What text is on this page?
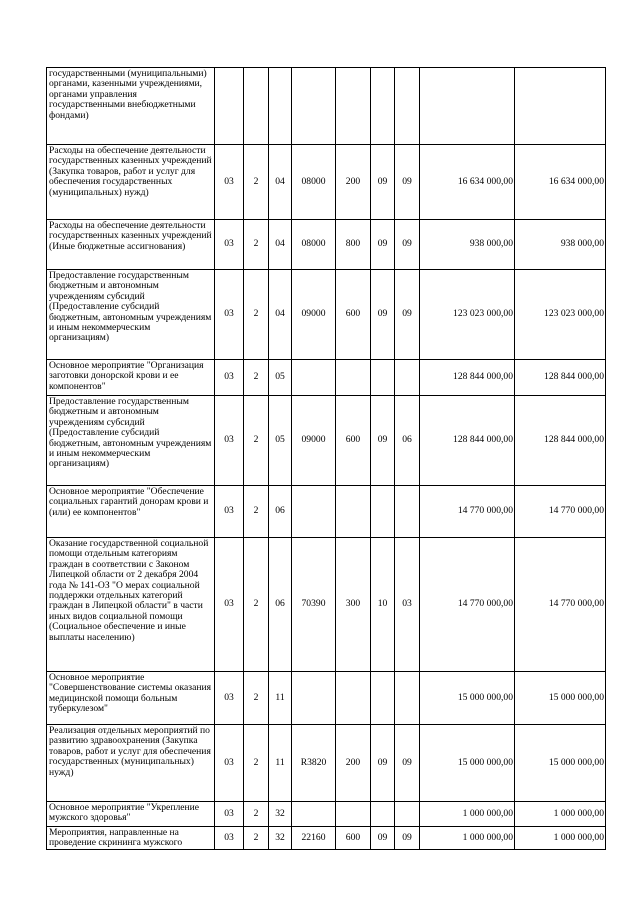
государственными (муниципальными) органами, казенными учреждениями, органами управления государственными внебюджетными фондами)									
Расходы на обеспечение деятельности государственных казенных учреждений (Закупка товаров, работ и услуг для обеспечения государственных (муниципальных) нужд)	03	2	04	08000	200	09	09	16 634 000,00	16 634 000,00
Расходы на обеспечение деятельности государственных казенных учреждений (Иные бюджетные ассигнования)	03	2	04	08000	800	09	09	938 000,00	938 000,00
Предоставление государственным бюджетным и автономным учреждениям субсидий (Предоставление субсидий бюджетным, автономным учреждениям и иным некоммерческим организациям)	03	2	04	09000	600	09	09	123 023 000,00	123 023 000,00
Основное мероприятие "Организация заготовки донорской крови и ее компонентов"	03	2	05					128 844 000,00	128 844 000,00
Предоставление государственным бюджетным и автономным учреждениям субсидий (Предоставление субсидий бюджетным, автономным учреждениям и иным некоммерческим организациям)	03	2	05	09000	600	09	06	128 844 000,00	128 844 000,00
Основное мероприятие "Обеспечение социальных гарантий донорам крови и (или) ее компонентов"	03	2	06					14 770 000,00	14 770 000,00
Оказание государственной социальной помощи отдельным категориям граждан в соответствии с Законом Липецкой области от 2 декабря 2004 года № 141-ОЗ "О мерах социальной поддержки отдельных категорий граждан в Липецкой области" в части иных видов социальной помощи (Социальное обеспечение и иные выплаты населению)	03	2	06	70390	300	10	03	14 770 000,00	14 770 000,00
Основное мероприятие "Совершенствование системы оказания медицинской помощи больным туберкулезом"	03	2	11					15 000 000,00	15 000 000,00
Реализация отдельных мероприятий по развитию здравоохранения (Закупка товаров, работ и услуг для обеспечения государственных (муниципальных) нужд)	03	2	11	R3820	200	09	09	15 000 000,00	15 000 000,00
Основное мероприятие "Укрепление мужского здоровья"	03	2	32					1 000 000,00	1 000 000,00
Мероприятия, направленные на проведение скрининга мужского	03	2	32	22160	600	09	09	1 000 000,00	1 000 000,00
